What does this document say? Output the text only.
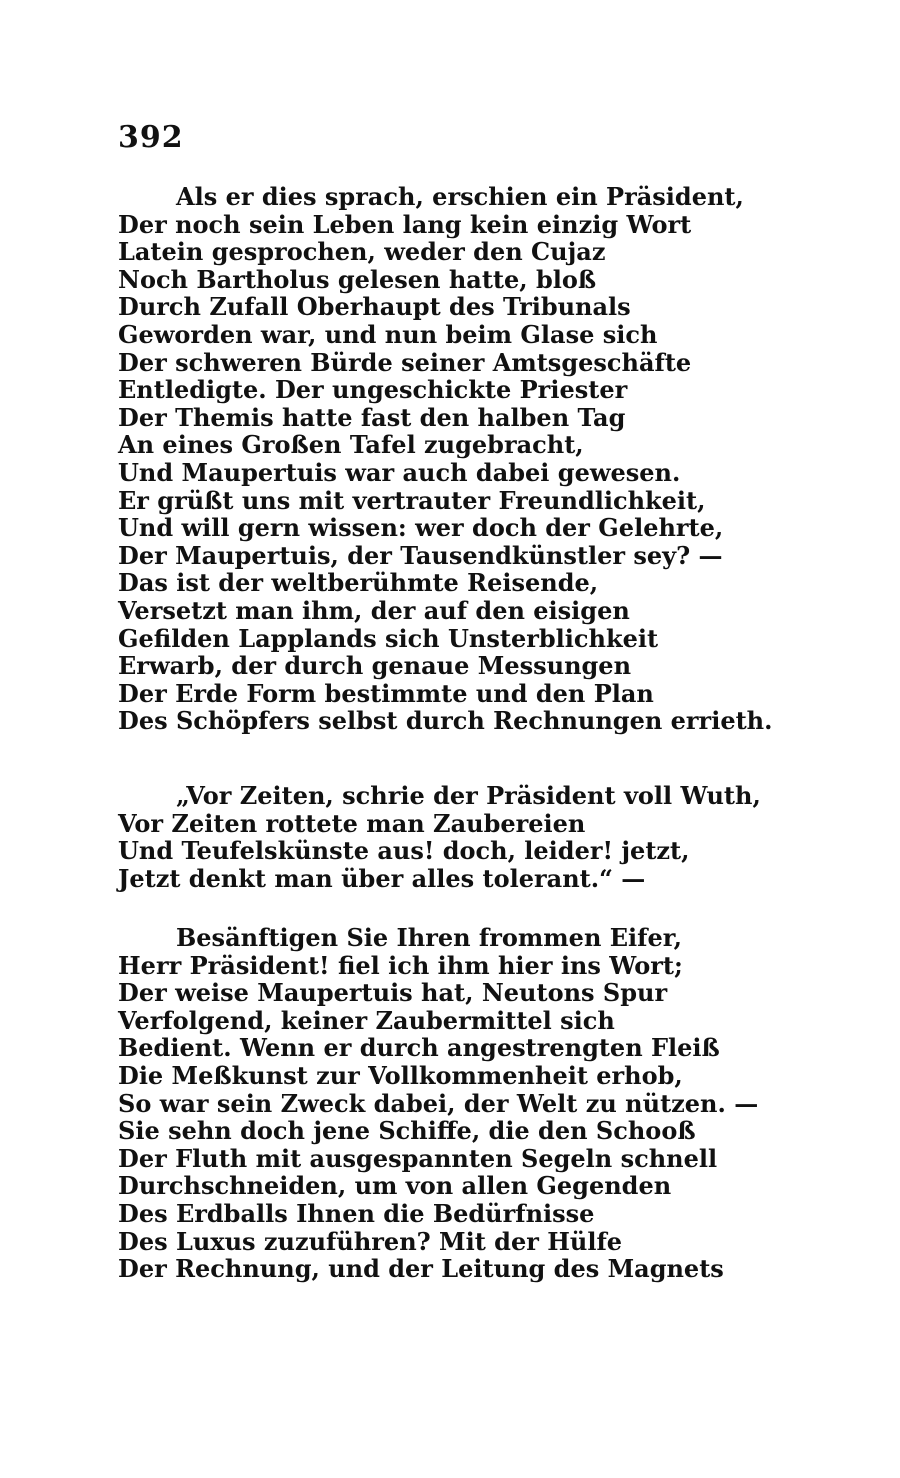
392
Als er dies sprach, erschien ein Präsident,
Der noch sein Leben lang kein einzig Wort
Latein gesprochen, weder den Cujaz
Noch Bartholus gelesen hatte, bloß
Durch Zufall Oberhaupt des Tribunals
Geworden war, und nun beim Glase sich
Der schweren Bürde seiner Amtsgeschäfte
Entledigte. Der ungeschickte Priester
Der Themis hatte fast den halben Tag
An eines Großen Tafel zugebracht,
Und Maupertuis war auch dabei gewesen.
Er grüßt uns mit vertrauter Freundlichkeit,
Und will gern wissen: wer doch der Gelehrte,
Der Maupertuis, der Tausendkünstler sey? —
Das ist der weltberühmte Reisende,
Versetzt man ihm, der auf den eisigen
Gefilden Lapplands sich Unsterblichkeit
Erwarb, der durch genaue Messungen
Der Erde Form bestimmte und den Plan
Des Schöpfers selbst durch Rechnungen errieth.
„Vor Zeiten, schrie der Präsident voll Wuth,
Vor Zeiten rottete man Zaubereien
Und Teufelskünste aus! doch, leider! jetzt,
Jetzt denkt man über alles tolerant.“ —
Besänftigen Sie Ihren frommen Eifer,
Herr Präsident! fiel ich ihm hier ins Wort;
Der weise Maupertuis hat, Neutons Spur
Verfolgend, keiner Zaubermittel sich
Bedient. Wenn er durch angestrengten Fleiß
Die Meßkunst zur Vollkommenheit erhob,
So war sein Zweck dabei, der Welt zu nützen. —
Sie sehn doch jene Schiffe, die den Schooß
Der Fluth mit ausgespannten Segeln schnell
Durchschneiden, um von allen Gegenden
Des Erdballs Ihnen die Bedürfnisse
Des Luxus zuzuführen? Mit der Hülfe
Der Rechnung, und der Leitung des Magnets
